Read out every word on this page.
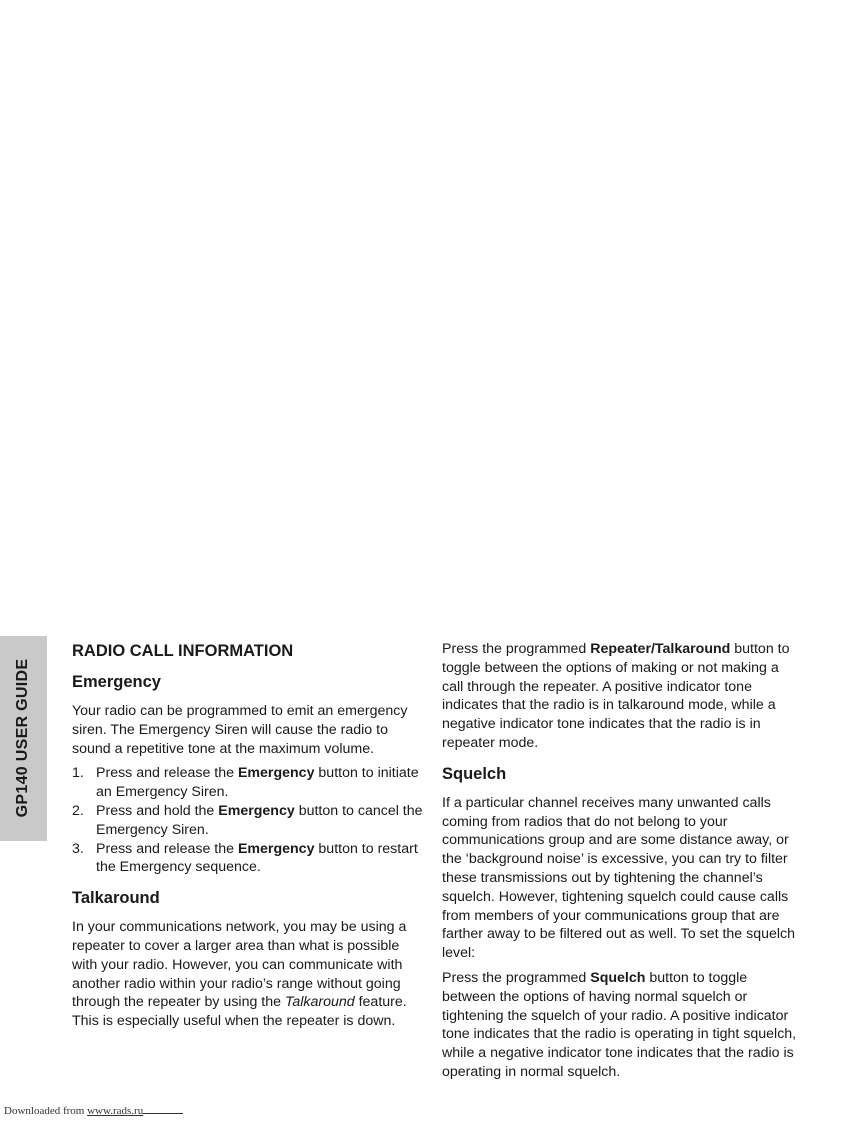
GP140 USER GUIDE
RADIO CALL INFORMATION
Emergency

Your radio can be programmed to emit an emergency siren. The Emergency Siren will cause the radio to sound a repetitive tone at the maximum volume.

1. Press and release the Emergency button to initiate an Emergency Siren.
2. Press and hold the Emergency button to cancel the Emergency Siren.
3. Press and release the Emergency button to restart the Emergency sequence.
Talkaround

In your communications network, you may be using a repeater to cover a larger area than what is possible with your radio. However, you can communicate with another radio within your radio’s range without going through the repeater by using the Talkaround feature. This is especially useful when the repeater is down.

Press the programmed Repeater/Talkaround button to toggle between the options of making or not making a call through the repeater. A positive indicator tone indicates that the radio is in talkaround mode, while a negative indicator tone indicates that the radio is in repeater mode.

Squelch

If a particular channel receives many unwanted calls coming from radios that do not belong to your communications group and are some distance away, or the ‘background noise’ is excessive, you can try to filter these transmissions out by tightening the channel’s squelch. However, tightening squelch could cause calls from members of your communications group that are farther away to be filtered out as well. To set the squelch level:

Press the programmed Squelch button to toggle between the options of having normal squelch or tightening the squelch of your radio. A positive indicator tone indicates that the radio is operating in tight squelch, while a negative indicator tone indicates that the radio is operating in normal squelch.

Downloaded from www.rads.ru
